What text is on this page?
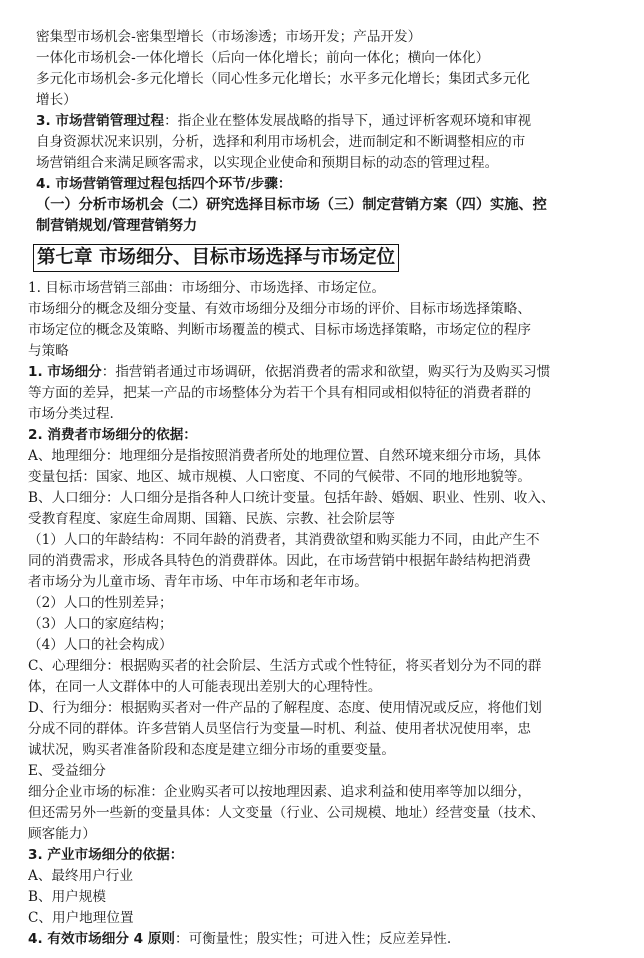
密集型市场机会-密集型增长（市场渗透；市场开发；产品开发）
一体化市场机会-一体化增长（后向一体化增长；前向一体化；横向一体化）
多元化市场机会-多元化增长（同心性多元化增长；水平多元化增长；集团式多元化
增长）
3. 市场营销管理过程：指企业在整体发展战略的指导下，通过评析客观环境和审视
自身资源状况来识别，分析，选择和利用市场机会，进而制定和不断调整相应的市
场营销组合来满足顾客需求，以实现企业使命和预期目标的动态的管理过程。
4. 市场营销管理过程包括四个环节/步骤：
（一）分析市场机会（二）研究选择目标市场（三）制定营销方案（四）实施、控
制营销规划/管理营销努力
第七章 市场细分、目标市场选择与市场定位
1. 目标市场营销三部曲：市场细分、市场选择、市场定位。
市场细分的概念及细分变量、有效市场细分及细分市场的评价、目标市场选择策略、
市场定位的概念及策略、判断市场覆盖的模式、目标市场选择策略，市场定位的程序
与策略
1. 市场细分：指营销者通过市场调研，依据消费者的需求和欲望，购买行为及购买习惯
等方面的差异，把某一产品的市场整体分为若干个具有相同或相似特征的消费者群的
市场分类过程.
2. 消费者市场细分的依据：
A、地理细分：地理细分是指按照消费者所处的地理位置、自然环境来细分市场，具体
变量包括：国家、地区、城市规模、人口密度、不同的气候带、不同的地形地貌等。
B、人口细分：人口细分是指各种人口统计变量。包括年龄、婚姻、职业、性别、收入、
受教育程度、家庭生命周期、国籍、民族、宗教、社会阶层等
（1）人口的年龄结构：不同年龄的消费者，其消费欲望和购买能力不同，由此产生不
同的消费需求，形成各具特色的消费群体。因此，在市场营销中根据年龄结构把消费
者市场分为儿童市场、青年市场、中年市场和老年市场。
（2）人口的性别差异；
（3）人口的家庭结构；
（4）人口的社会构成）
C、心理细分：根据购买者的社会阶层、生活方式或个性特征，将买者划分为不同的群
体，在同一人文群体中的人可能表现出差别大的心理特性。
D、行为细分：根据购买者对一件产品的了解程度、态度、使用情况或反应，将他们划
分成不同的群体。许多营销人员坚信行为变量—时机、利益、使用者状况使用率，忠
诚状况，购买者准备阶段和态度是建立细分市场的重要变量。
E、受益细分
细分企业市场的标准：企业购买者可以按地理因素、追求利益和使用率等加以细分，
但还需另外一些新的变量具体：人文变量（行业、公司规模、地址）经营变量（技术、
顾客能力）
3. 产业市场细分的依据：
A、最终用户行业
B、用户规模
C、用户地理位置
4. 有效市场细分 4 原则：可衡量性；殷实性；可进入性；反应差异性.
